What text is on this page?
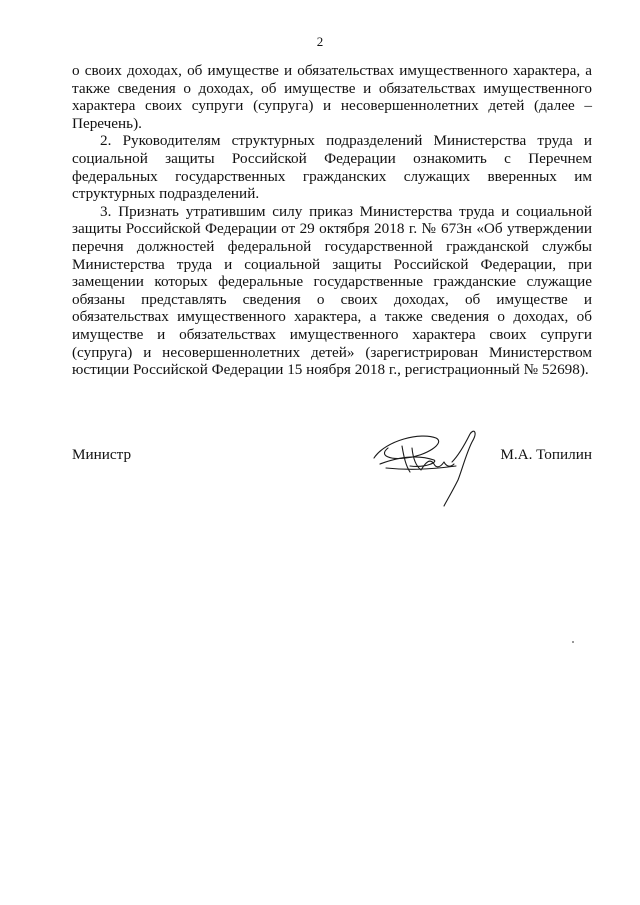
2

о своих доходах, об имуществе и обязательствах имущественного характера, а также сведения о доходах, об имуществе и обязательствах имущественного характера своих супруги (супруга) и несовершеннолетних детей (далее – Перечень).

2. Руководителям структурных подразделений Министерства труда и социальной защиты Российской Федерации ознакомить с Перечнем федеральных государственных гражданских служащих вверенных им структурных подразделений.

3. Признать утратившим силу приказ Министерства труда и социальной защиты Российской Федерации от 29 октября 2018 г. № 673н «Об утверждении перечня должностей федеральной государственной гражданской службы Министерства труда и социальной защиты Российской Федерации, при замещении которых федеральные государственные гражданские служащие обязаны представлять сведения о своих доходах, об имуществе и обязательствах имущественного характера, а также сведения о доходах, об имуществе и обязательствах имущественного характера своих супруги (супруга) и несовершеннолетних детей» (зарегистрирован Министерством юстиции Российской Федерации 15 ноября 2018 г., регистрационный № 52698).

Министр	М.А. Топилин
